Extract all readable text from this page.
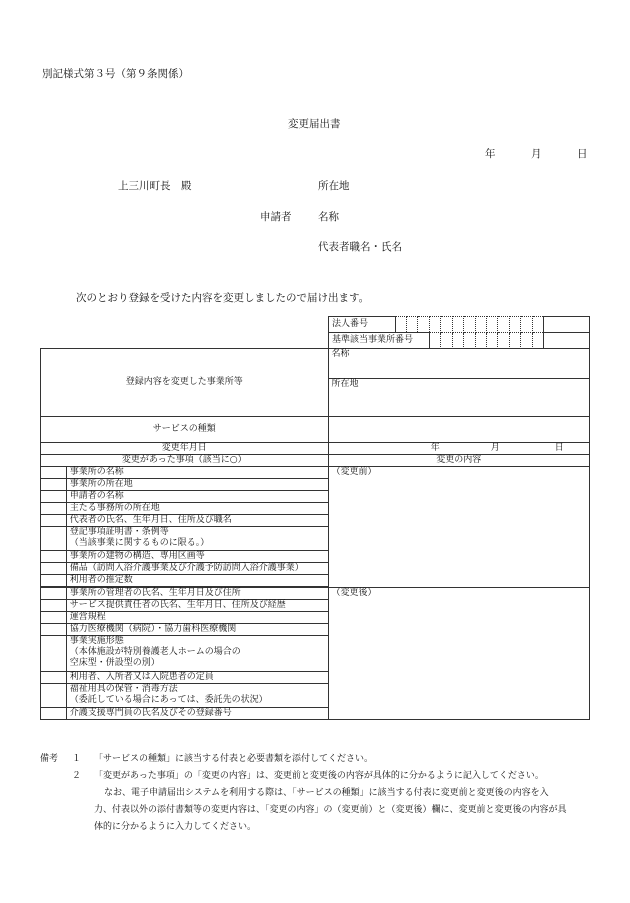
別記様式第３号（第９条関係）
変更届出書
年	月	日
上三川町長　殿	所在地
申請者	名称
代表者職名・氏名
次のとおり登録を受けた内容を変更しましたので届け出ます。
法人番号														
基準該当事業所番号														
登録内容を変更した事業所等		名称
		所在地
サービスの種類		
変更年月日		年 月 日
変更があった事項（該当に○）		変更の内容
	事業所の名称	（変更前）
	事業所の所在地	
	申請者の名称	
	主たる事務所の所在地	
	代表者の氏名、生年月日、住所及び職名	
	登記事項証明書・条例等
（当該事業に関するものに限る。）	
	事業所の建物の構造、専用区画等	
	備品（訪問入浴介護事業及び介護予防訪問入浴介護事業）	
	利用者の推定数	

	事業所の管理者の氏名、生年月日及び住所	（変更後）
	サービス提供責任者の氏名、生年月日、住所及び経歴	
	運営規程	
	協力医療機関（病院）・協力歯科医療機関	
	事業実施形態
（本体施設が特別養護老人ホームの場合の
空床型・併設型の別）	
	利用者、入所者又は入院患者の定員	
	福祉用具の保管・消毒方法
（委託している場合にあっては、委託先の状況）	
	介護支援専門員の氏名及びその登録番号	
備考 １ 「サービスの種類」に該当する付表と必要書類を添付してください。
２ 「変更があった事項」の「変更の内容」は、変更前と変更後の内容が具体的に分かるように記入してください。
なお、電子申請届出システムを利用する際は、「サービスの種類」に該当する付表に変更前と変更後の内容を入
力、付表以外の添付書類等の変更内容は、「変更の内容」の（変更前）と（変更後）欄に、変更前と変更後の内容が具
体的に分かるように入力してください。
